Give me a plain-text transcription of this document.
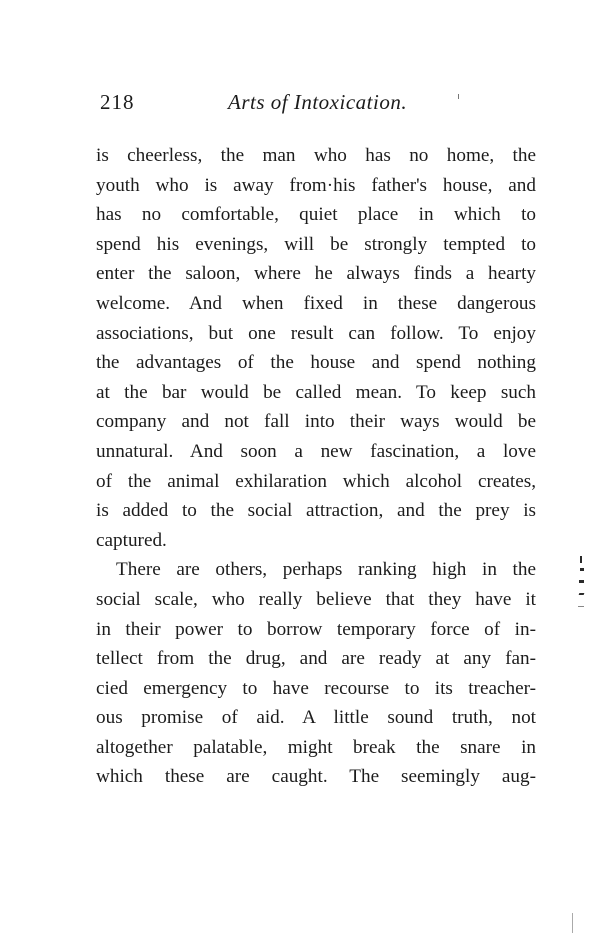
218	Arts of Intoxication.
is cheerless, the man who has no home, the
youth who is away from·his father's house, and
has no comfortable, quiet place in which to
spend his evenings, will be strongly tempted to
enter the saloon, where he always finds a hearty
welcome. And when fixed in these dangerous
associations, but one result can follow. To enjoy
the advantages of the house and spend nothing
at the bar would be called mean. To keep such
company and not fall into their ways would be
unnatural. And soon a new fascination, a love
of the animal exhilaration which alcohol creates,
is added to the social attraction, and the prey is
captured.
There are others, perhaps ranking high in the
social scale, who really believe that they have it
in their power to borrow temporary force of in-
tellect from the drug, and are ready at any fan-
cied emergency to have recourse to its treacher-
ous promise of aid. A little sound truth, not
altogether palatable, might break the snare in
which these are caught. The seemingly aug-
